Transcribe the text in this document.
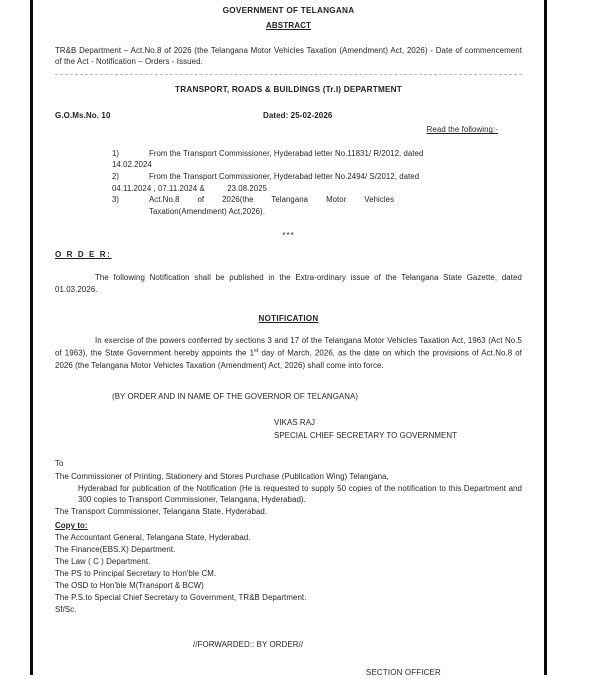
GOVERNMENT OF TELANGANA
ABSTRACT
TR&B Department – Act.No.8 of 2026 (the Telangana Motor Vehicles Taxation (Amendment) Act, 2026) - Date of commencement of the Act - Notification – Orders - Issued.
TRANSPORT, ROADS & BUILDINGS (Tr.I) DEPARTMENT
G.O.Ms.No. 10	Dated: 25-02-2026
Read the following:-
1)	From the Transport Commissioner, Hyderabad letter No.11831/ R/2012, dated
14.02.2024
2)	From the Transport Commissioner, Hyderabad letter No.2494/ S/2012, dated
04.11.2024 , 07.11.2024 &          23.08.2025
3)	Act.No.8        of        2026(the        Telangana        Motor        Vehicles
Taxation(Amendment) Act,2026).
***
O R D E R:
The following Notification shall be published in the Extra-ordinary issue of the Telangana State Gazette, dated 01.03.2026.
NOTIFICATION
In exercise of the powers conferred by sections 3 and 17 of the Telangana Motor Vehicles Taxation Act, 1963 (Act No.5 of 1963), the State Government hereby appoints the 1st day of March, 2026, as the date on which the provisions of Act.No.8 of 2026 (the Telangana Motor Vehicles Taxation (Amendment) Act, 2026) shall come into force.
(BY ORDER AND IN NAME OF THE GOVERNOR OF TELANGANA)
VIKAS RAJ
SPECIAL CHIEF SECRETARY TO GOVERNMENT
To
The Commissioner of Printing, Stationery and Stores Purchase (Publication Wing) Telangana,
Hyderabad for publication of the Notification (He is requested to supply 50 copies of the notification to this Department and 300 copies to Transport Commissioner, Telangana, Hyderabad).
The Transport Commissioner, Telangana State, Hyderabad.
Copy to:
The Accountant General, Telangana State, Hyderabad.
The Finance(EBS.X) Department.
The Law ( C ) Department.
The PS to Principal Secretary to Hon'ble CM.
The OSD to Hon'ble M(Transport & BCW)
The P.S.to Special Chief Secretary to Government, TR&B Department.
Sf/Sc.
//FORWARDED:: BY ORDER//
SECTION OFFICER
